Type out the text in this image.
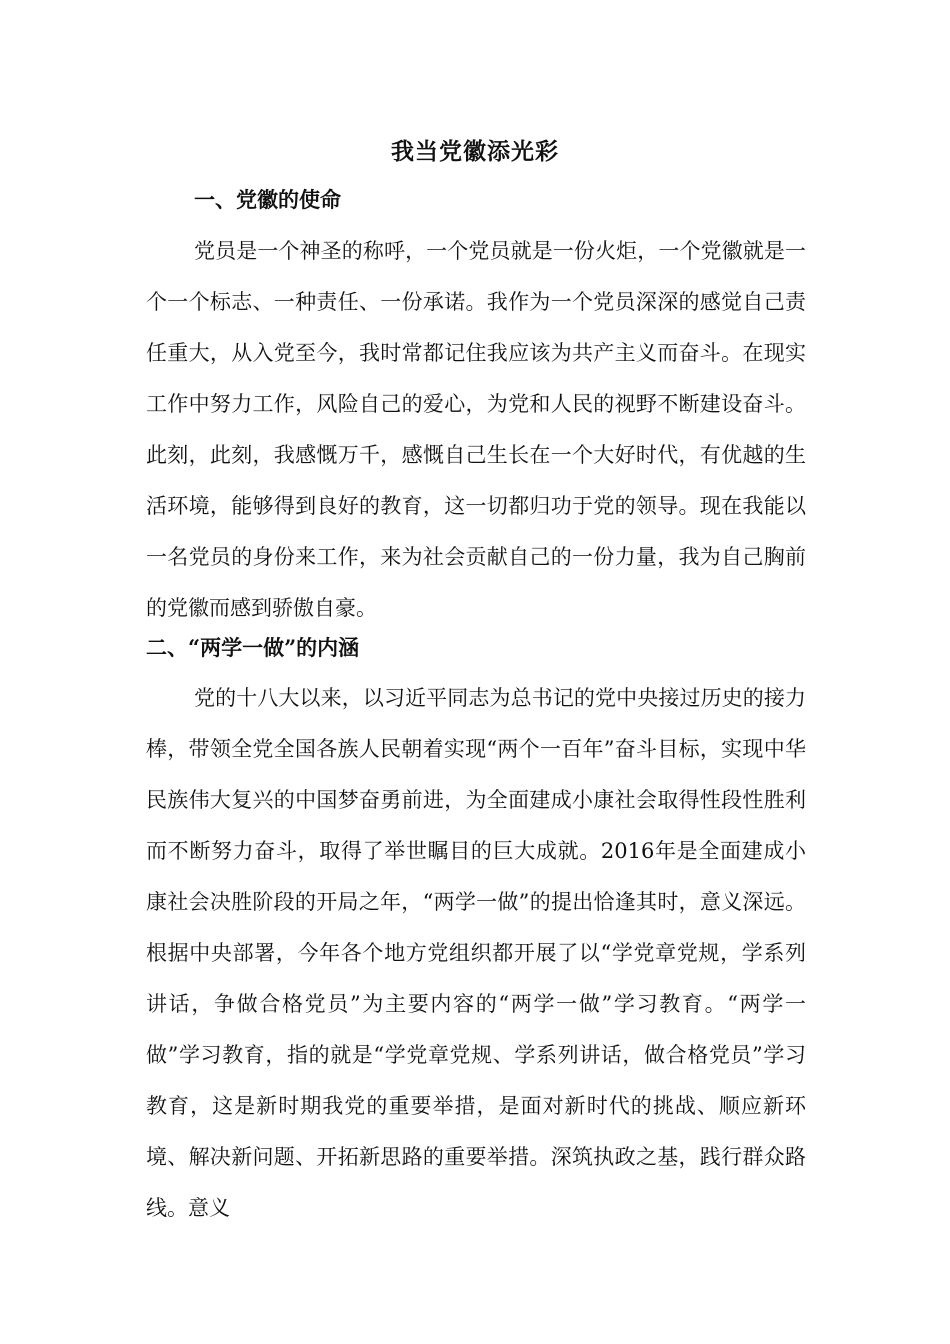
我当党徽添光彩
一、党徽的使命

党员是一个神圣的称呼，一个党员就是一份火炬，一个党徽就是一个一个标志、一种责任、一份承诺。我作为一个党员深深的感觉自己责任重大，从入党至今，我时常都记住我应该为共产主义而奋斗。在现实工作中努力工作，风险自己的爱心，为党和人民的视野不断建设奋斗。此刻，此刻，我感慨万千，感慨自己生长在一个大好时代，有优越的生活环境，能够得到良好的教育，这一切都归功于党的领导。现在我能以一名党员的身份来工作，来为社会贡献自己的一份力量，我为自己胸前的党徽而感到骄傲自豪。

二、“两学一做”的内涵

党的十八大以来，以习近平同志为总书记的党中央接过历史的接力棒，带领全党全国各族人民朝着实现“两个一百年”奋斗目标，实现中华民族伟大复兴的中国梦奋勇前进，为全面建成小康社会取得性段性胜利而不断努力奋斗，取得了举世瞩目的巨大成就。2016年是全面建成小康社会决胜阶段的开局之年，“两学一做”的提出恰逢其时，意义深远。根据中央部署，今年各个地方党组织都开展了以“学党章党规，学系列讲话，争做合格党员”为主要内容的“两学一做”学习教育。“两学一做”学习教育，指的就是“学党章党规、学系列讲话，做合格党员”学习教育，这是新时期我党的重要举措，是面对新时代的挑战、顺应新环境、解决新问题、开拓新思路的重要举措。深筑执政之基，践行群众路线。意义
